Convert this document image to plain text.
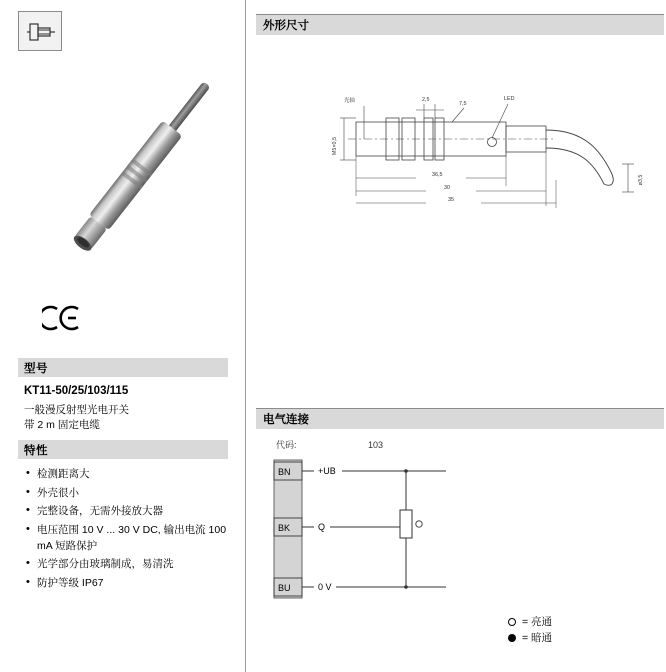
型号
KT11-50/25/103/115
一般漫反射型光电开关
带 2 m 固定电缆
特性
• 检测距离大
• 外壳很小
• 完整设备，无需外接放大器
• 电压范围 10 V ... 30 V DC, 输出电流 100 mA 短路保护
• 光学部分由玻璃制成，易清洗
• 防护等级 IP67
外形尺寸
光轴	LED
2,5
7,5
36,5
30
35
M5×0,5
ø3,5
电气连接
代码:	103
BN
BK
BU
+UB
Q
0 V
= 亮通
= 暗通
